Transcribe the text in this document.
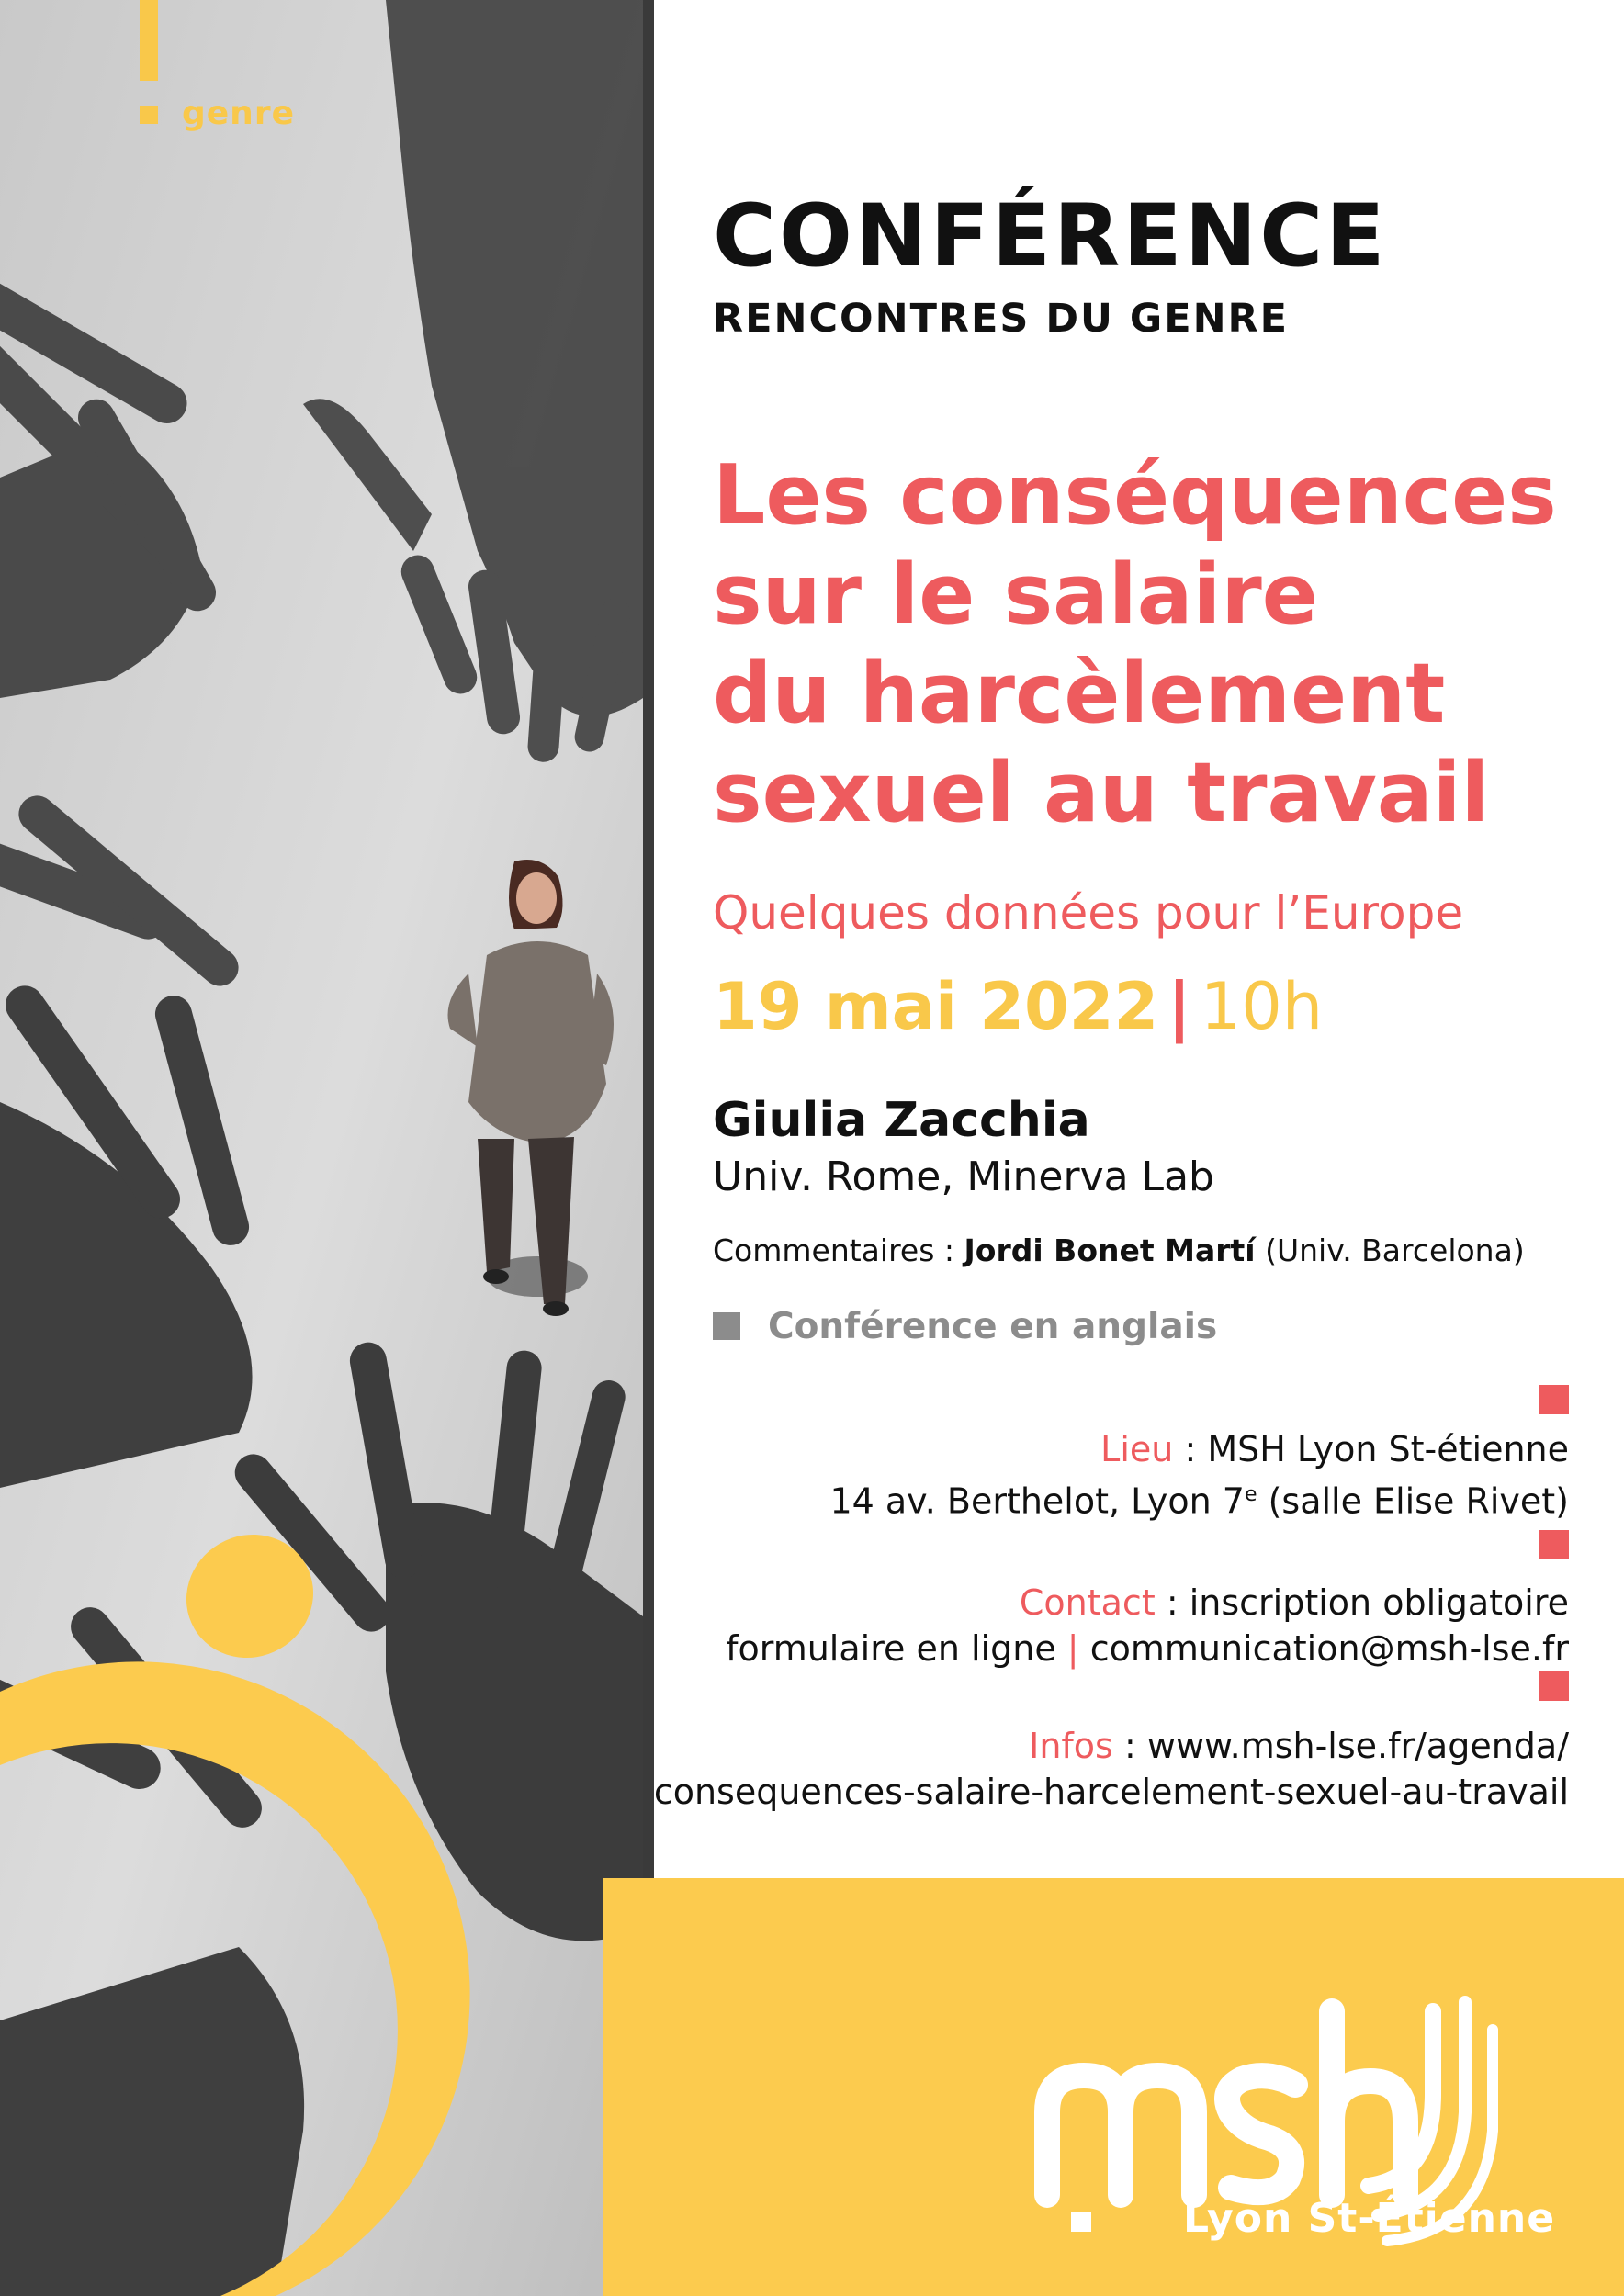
genre
CONFÉRENCE
RENCONTRES DU GENRE
Les conséquences
sur le salaire
du harcèlement
sexuel au travail
Quelques données pour l’Europe
19 mai 2022 | 10h
Giulia Zacchia
Univ. Rome, Minerva Lab
Commentaires : Jordi Bonet Martí (Univ. Barcelona)
Conférence en anglais
Lieu : MSH Lyon St-étienne
14 av. Berthelot, Lyon 7e (salle Elise Rivet)
Contact : inscription obligatoire
formulaire en ligne | communication@msh-lse.fr
Infos : www.msh-lse.fr/agenda/
consequences-salaire-harcelement-sexuel-au-travail
Lyon St-Étienne
